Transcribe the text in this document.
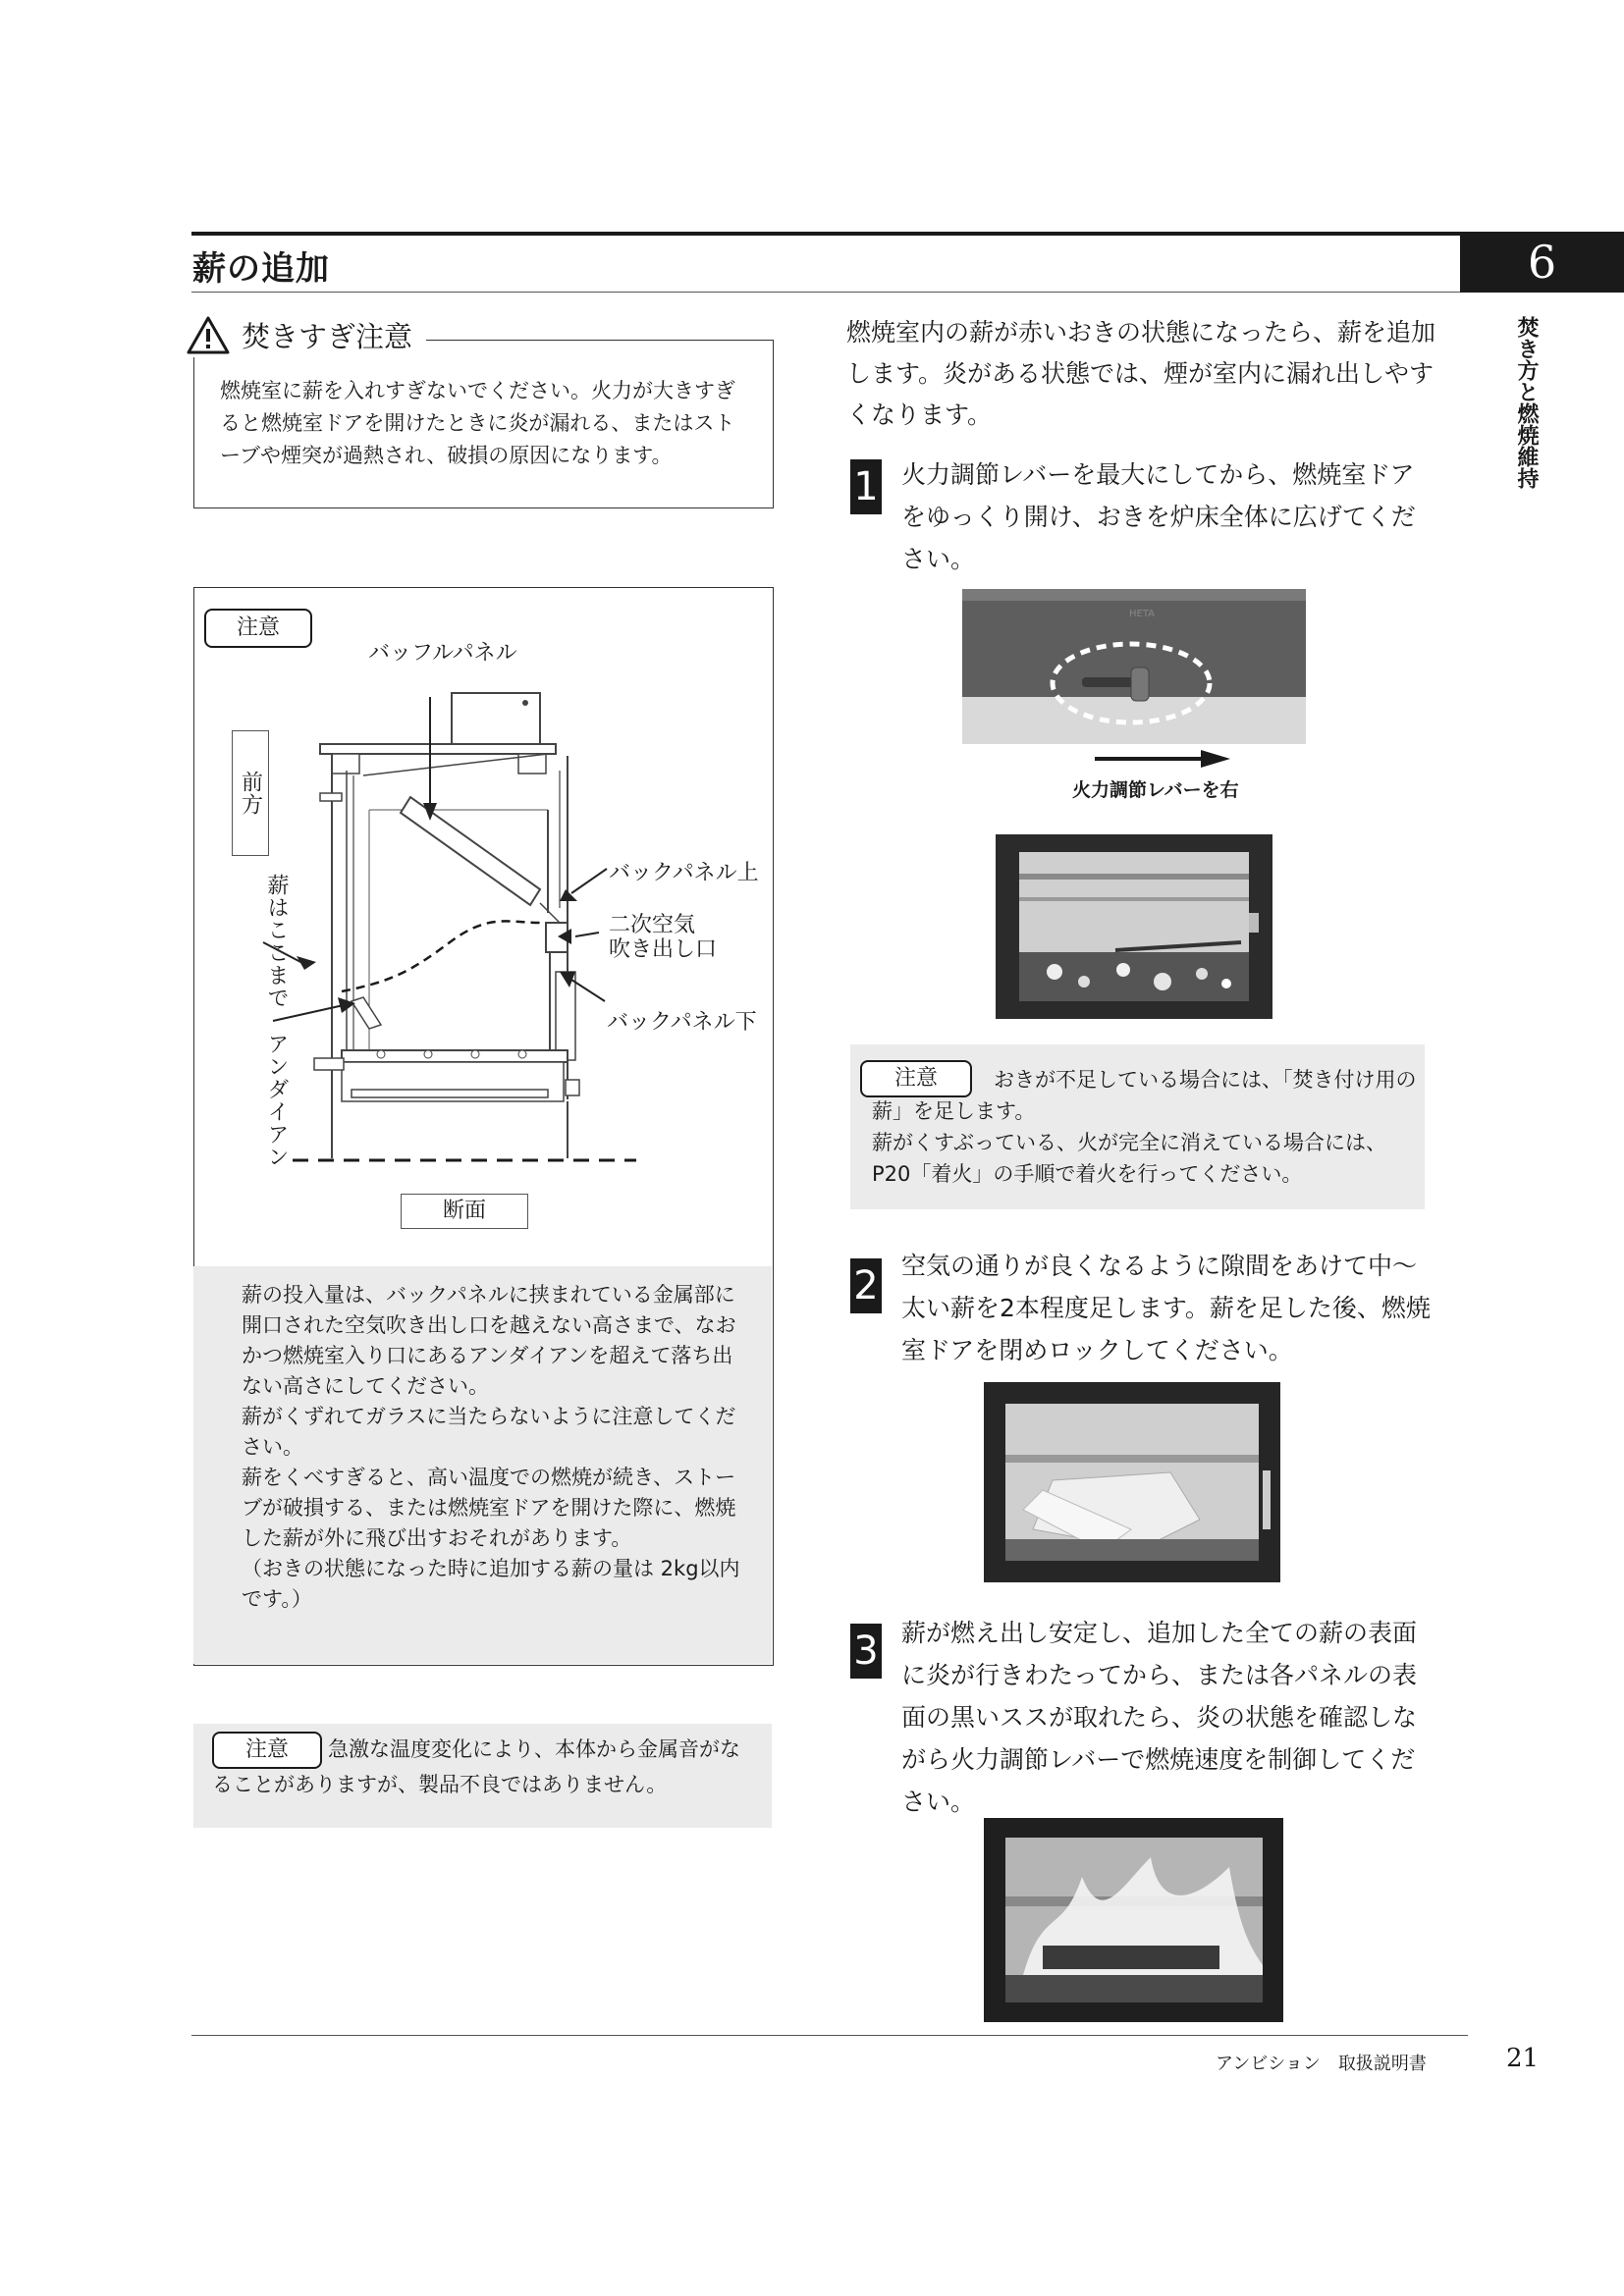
薪の追加	6
焚き方と燃焼維持
焚きすぎ注意
燃焼室に薪を入れすぎないでください。火力が大きすぎると燃焼室ドアを開けたときに炎が漏れる、またはストーブや煙突が過熱され、破損の原因になります。
注意
バッフルパネル
バックパネル上
二次空気
吹き出し口
バックパネル下
前方
薪はここまで
アンダイアン
断面
薪の投入量は、バックパネルに挟まれている金属部に開口された空気吹き出し口を越えない高さまで、なおかつ燃焼室入り口にあるアンダイアンを超えて落ち出ない高さにしてください。
薪がくずれてガラスに当たらないように注意してください。
薪をくべすぎると、高い温度での燃焼が続き、ストーブが破損する、または燃焼室ドアを開けた際に、燃焼した薪が外に飛び出すおそれがあります。
（おきの状態になった時に追加する薪の量は 2kg以内です。）
急激な温度変化により、本体から金属音がなることがありますが、製品不良ではありません。
注意
燃焼室内の薪が赤いおきの状態になったら、薪を追加します。炎がある状態では、煙が室内に漏れ出しやすくなります。
1 火力調節レバーを最大にしてから、燃焼室ドアをゆっくり開け、おきを炉床全体に広げてください。
HETA
火力調節レバーを右
おきが不足している場合には、「焚き付け用の薪」を足します。
薪がくすぶっている、火が完全に消えている場合には、P20「着火」の手順で着火を行ってください。
注意
2 空気の通りが良くなるように隙間をあけて中〜太い薪を2本程度足します。薪を足した後、燃焼室ドアを閉めロックしてください。
3 薪が燃え出し安定し、追加した全ての薪の表面に炎が行きわたってから、または各パネルの表面の黒いススが取れたら、炎の状態を確認しながら火力調節レバーで燃焼速度を制御してください。
アンビション　取扱説明書	21
